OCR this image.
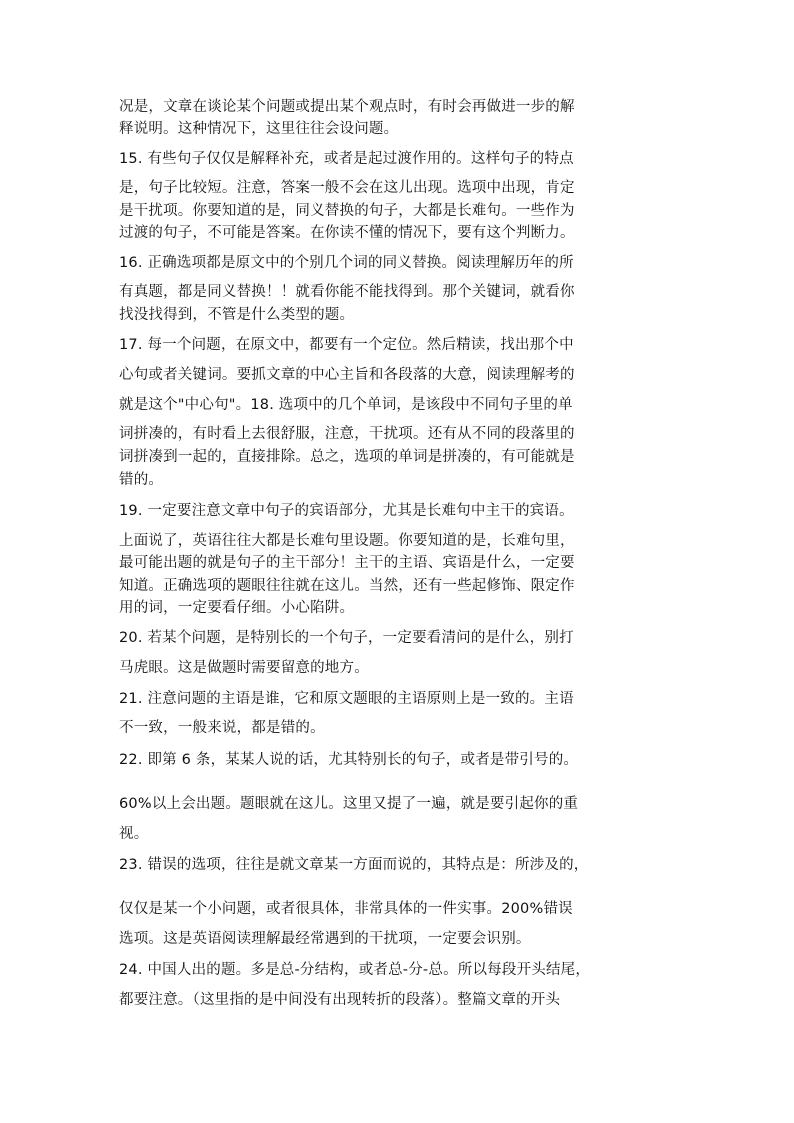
况是，文章在谈论某个问题或提出某个观点时，有时会再做进一步的解
释说明。这种情况下，这里往往会设问题。
15. 有些句子仅仅是解释补充，或者是起过渡作用的。这样句子的特点
是，句子比较短。注意，答案一般不会在这儿出现。选项中出现，肯定
是干扰项。你要知道的是，同义替换的句子，大都是长难句。一些作为
过渡的句子，不可能是答案。在你读不懂的情况下，要有这个判断力。
16. 正确选项都是原文中的个别几个词的同义替换。阅读理解历年的所
有真题，都是同义替换！！就看你能不能找得到。那个关键词，就看你
找没找得到，不管是什么类型的题。
17. 每一个问题，在原文中，都要有一个定位。然后精读，找出那个中
心句或者关键词。要抓文章的中心主旨和各段落的大意，阅读理解考的
就是这个"中心句"。18. 选项中的几个单词，是该段中不同句子里的单
词拼凑的，有时看上去很舒服，注意，干扰项。还有从不同的段落里的
词拼凑到一起的，直接排除。总之，选项的单词是拼凑的，有可能就是
错的。
19. 一定要注意文章中句子的宾语部分，尤其是长难句中主干的宾语。
上面说了，英语往往大都是长难句里设题。你要知道的是，长难句里，
最可能出题的就是句子的主干部分！主干的主语、宾语是什么，一定要
知道。正确选项的题眼往往就在这儿。当然，还有一些起修饰、限定作
用的词，一定要看仔细。小心陷阱。
20. 若某个问题，是特别长的一个句子，一定要看清问的是什么，别打
马虎眼。这是做题时需要留意的地方。
21. 注意问题的主语是谁，它和原文题眼的主语原则上是一致的。主语
不一致，一般来说，都是错的。
22. 即第 6 条，某某人说的话，尤其特别长的句子，或者是带引号的。
60%以上会出题。题眼就在这儿。这里又提了一遍，就是要引起你的重
视。
23. 错误的选项，往往是就文章某一方面而说的，其特点是：所涉及的，
仅仅是某一个小问题，或者很具体，非常具体的一件实事。200%错误
选项。这是英语阅读理解最经常遇到的干扰项，一定要会识别。
24. 中国人出的题。多是总-分结构，或者总-分-总。所以每段开头结尾，
都要注意。（这里指的是中间没有出现转折的段落）。整篇文章的开头
